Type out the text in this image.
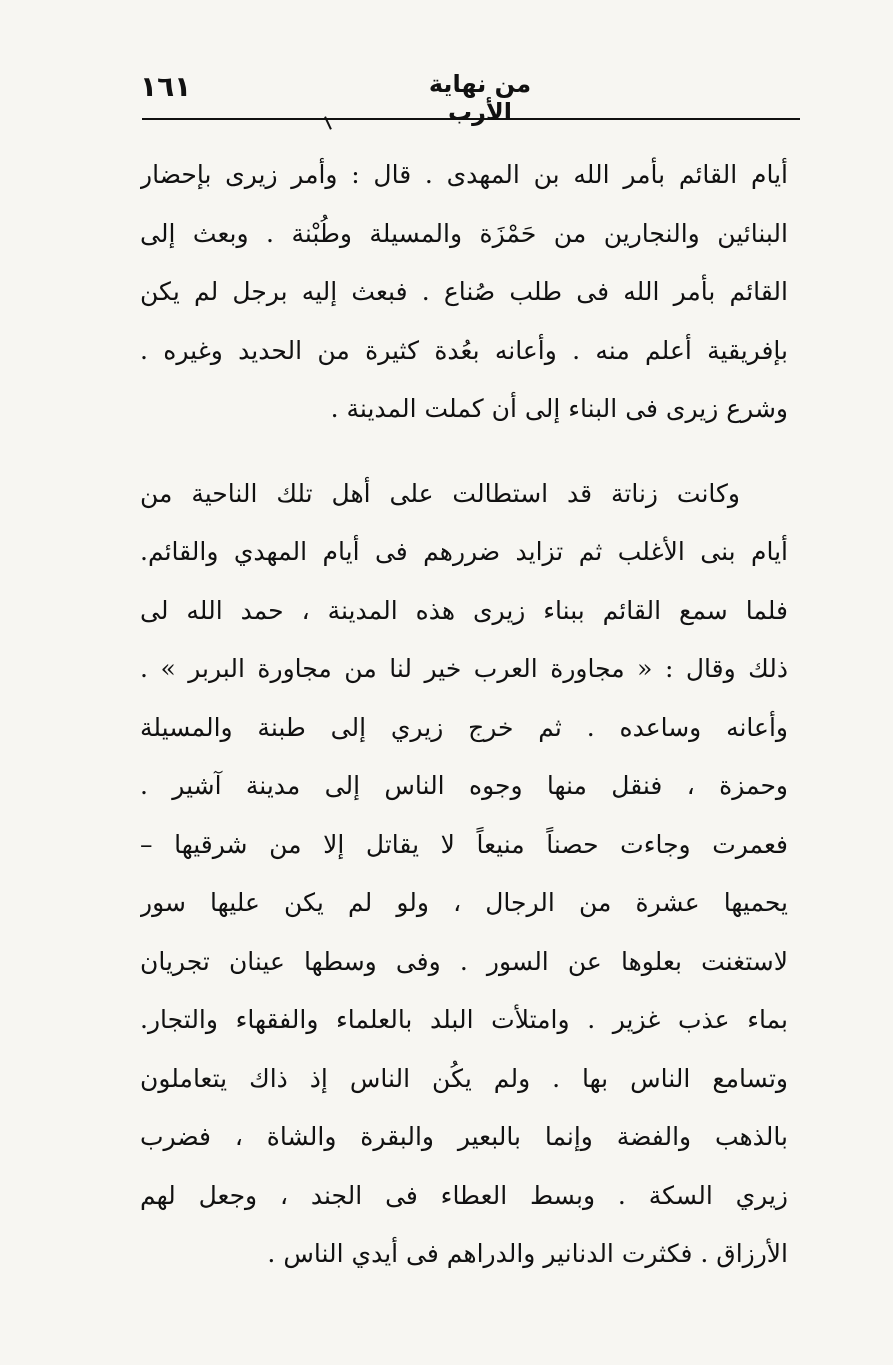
١٦١	من نهاية الأرب
أيام القائم بأمر الله بن المهدى . قال : وأمر زيرى بإحضار
البنائين والنجارين من حَمْزَة والمسيلة وطُبْنة . وبعث إلى
القائم بأمر الله فى طلب صُناع . فبعث إليه برجل لم يكن
بإفريقية أعلم منه . وأعانه بعُدة كثيرة من الحديد وغيره .
وشرع زيرى فى البناء إلى أن كملت المدينة .
وكانت زناتة قد استطالت على أهل تلك الناحية من
أيام بنى الأغلب ثم تزايد ضررهم فى أيام المهدي والقائم.
فلما سمع القائم ببناء زيرى هذه المدينة ، حمد الله لى
ذلك وقال : « مجاورة العرب خير لنا من مجاورة البربر » .
وأعانه وساعده . ثم خرج زيري إلى طبنة والمسيلة
وحمزة ، فنقل منها وجوه الناس إلى مدينة آشير .
فعمرت وجاءت حصناً منيعاً لا يقاتل إلا من شرقيها –
يحميها عشرة من الرجال ، ولو لم يكن عليها سور
لاستغنت بعلوها عن السور . وفى وسطها عينان تجريان
بماء عذب غزير . وامتلأت البلد بالعلماء والفقهاء والتجار.
وتسامع الناس بها . ولم يكُن الناس إذ ذاك يتعاملون
بالذهب والفضة وإنما بالبعير والبقرة والشاة ، فضرب
زيري السكة . وبسط العطاء فى الجند ، وجعل لهم
الأرزاق . فكثرت الدنانير والدراهم فى أيدي الناس .
